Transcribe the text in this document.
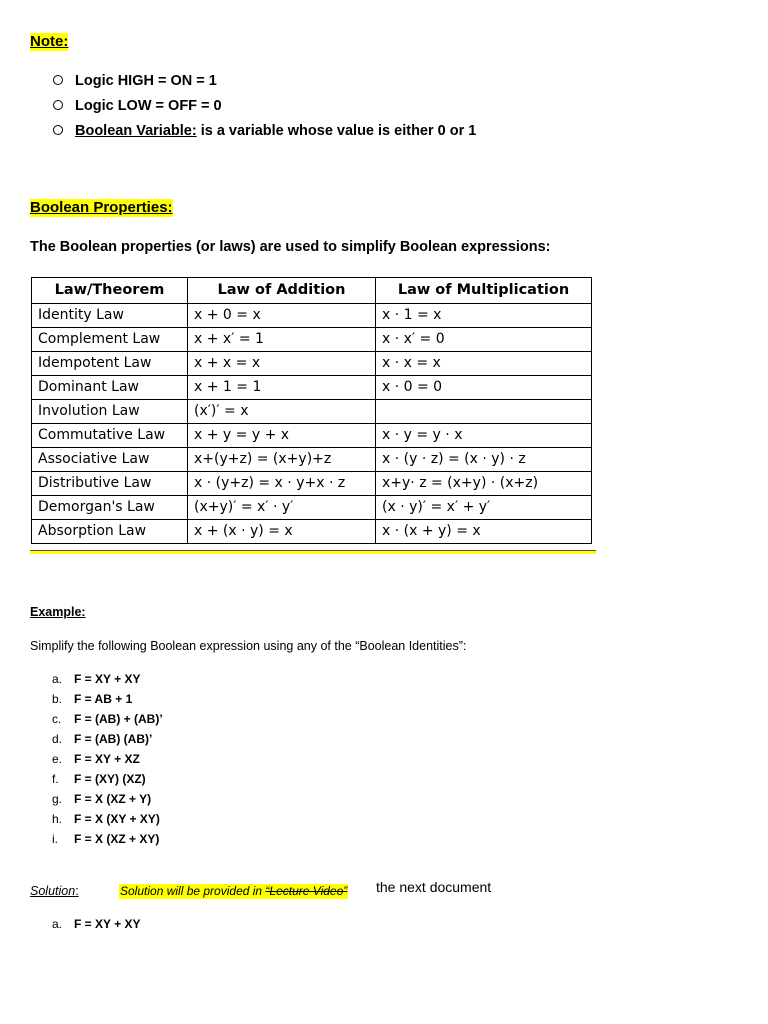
Note:
Logic HIGH = ON = 1
Logic LOW = OFF = 0
Boolean Variable: is a variable whose value is either 0 or 1
Boolean Properties:
The Boolean properties (or laws) are used to simplify Boolean expressions:
Law/Theorem	Law of Addition	Law of Multiplication
Identity Law	x + 0 = x	x · 1 = x
Complement Law	x + x′ = 1	x · x′ = 0
Idempotent Law	x + x = x	x · x = x
Dominant Law	x + 1 = 1	x · 0 = 0
Involution Law	(x′)′ = x	
Commutative Law	x + y = y + x	x · y = y · x
Associative Law	x+(y+z) = (x+y)+z	x · (y · z) = (x · y) · z
Distributive Law	x · (y+z) = x · y+x · z	x+y· z = (x+y) · (x+z)
Demorgan's Law	(x+y)′ = x′ · y′	(x · y)′ = x′ + y′
Absorption Law	x + (x · y) = x	x · (x + y) = x
Example:
Simplify the following Boolean expression using any of the “Boolean Identities”:
a. F = XY + XY
b. F = AB + 1
c. F = (AB) + (AB)’
d. F = (AB) (AB)’
e. F = XY + XZ
f. F = (XY) (XZ)
g. F = X (XZ + Y)
h. F = X (XY + XY)
i. F = X (XZ + XY)
Solution:	Solution will be provided in “Lecture Video” the next document
a. F = XY + XY
